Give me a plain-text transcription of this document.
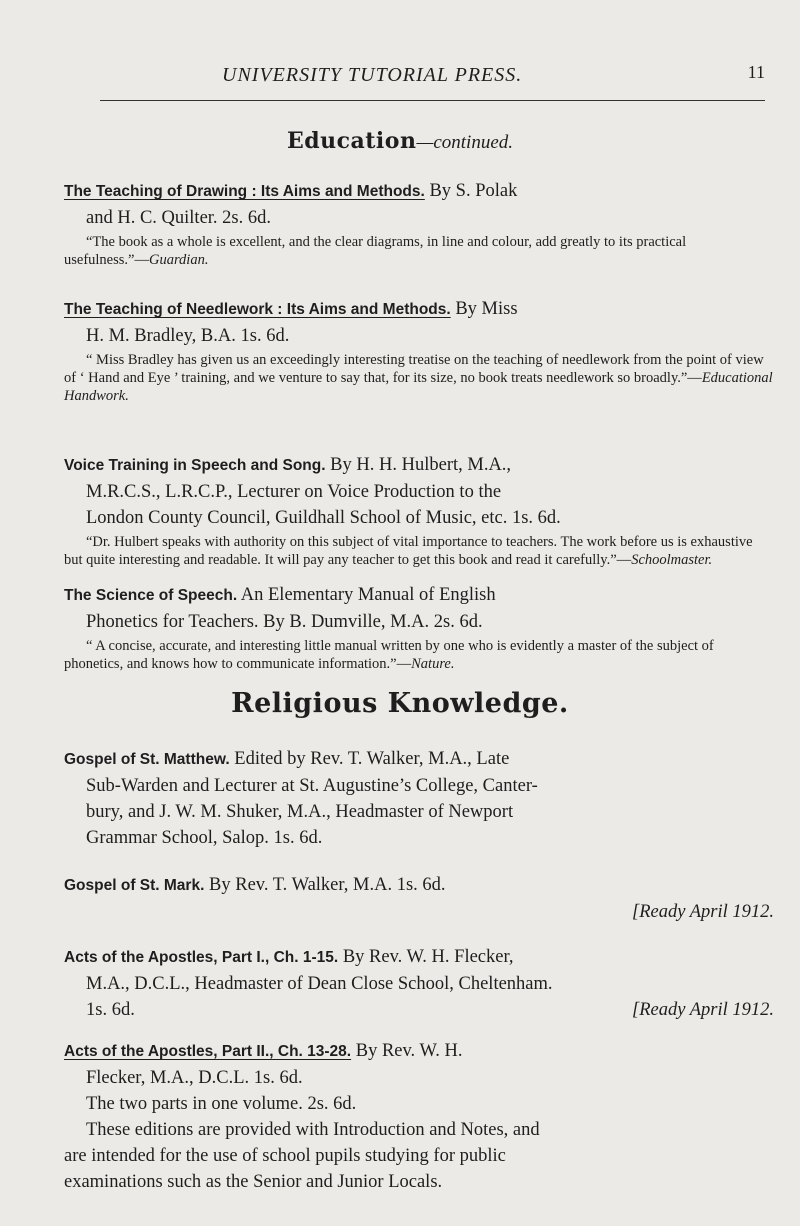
UNIVERSITY TUTORIAL PRESS.	11
Education—continued.
The Teaching of Drawing : Its Aims and Methods. By S. Polak
and H. C. Quilter. 2s. 6d.
“The book as a whole is excellent, and the clear diagrams, in line and colour, add greatly to its practical usefulness.”—Guardian.
The Teaching of Needlework : Its Aims and Methods. By Miss
H. M. Bradley, B.A. 1s. 6d.
“ Miss Bradley has given us an exceedingly interesting treatise on the teaching of needlework from the point of view of ‘ Hand and Eye ’ training, and we venture to say that, for its size, no book treats needlework so broadly.”—Educational Handwork.
Voice Training in Speech and Song. By H. H. Hulbert, M.A.,
M.R.C.S., L.R.C.P., Lecturer on Voice Production to the
London County Council, Guildhall School of Music, etc. 1s. 6d.
“Dr. Hulbert speaks with authority on this subject of vital importance to teachers. The work before us is exhaustive but quite interesting and readable. It will pay any teacher to get this book and read it carefully.”—Schoolmaster.
The Science of Speech. An Elementary Manual of English
Phonetics for Teachers. By B. Dumville, M.A. 2s. 6d.
“ A concise, accurate, and interesting little manual written by one who is evidently a master of the subject of phonetics, and knows how to communicate information.”—Nature.
Religious Knowledge.
Gospel of St. Matthew. Edited by Rev. T. Walker, M.A., Late
Sub-Warden and Lecturer at St. Augustine’s College, Canter-
bury, and J. W. M. Shuker, M.A., Headmaster of Newport
Grammar School, Salop. 1s. 6d.
Gospel of St. Mark. By Rev. T. Walker, M.A. 1s. 6d.
[Ready April 1912.
Acts of the Apostles, Part I., Ch. 1-15. By Rev. W. H. Flecker,
M.A., D.C.L., Headmaster of Dean Close School, Cheltenham.
1s. 6d.	[Ready April 1912.
Acts of the Apostles, Part II., Ch. 13-28. By Rev. W. H.
Flecker, M.A., D.C.L. 1s. 6d.
The two parts in one volume. 2s. 6d.
These editions are provided with Introduction and Notes, and
are intended for the use of school pupils studying for public
examinations such as the Senior and Junior Locals.
